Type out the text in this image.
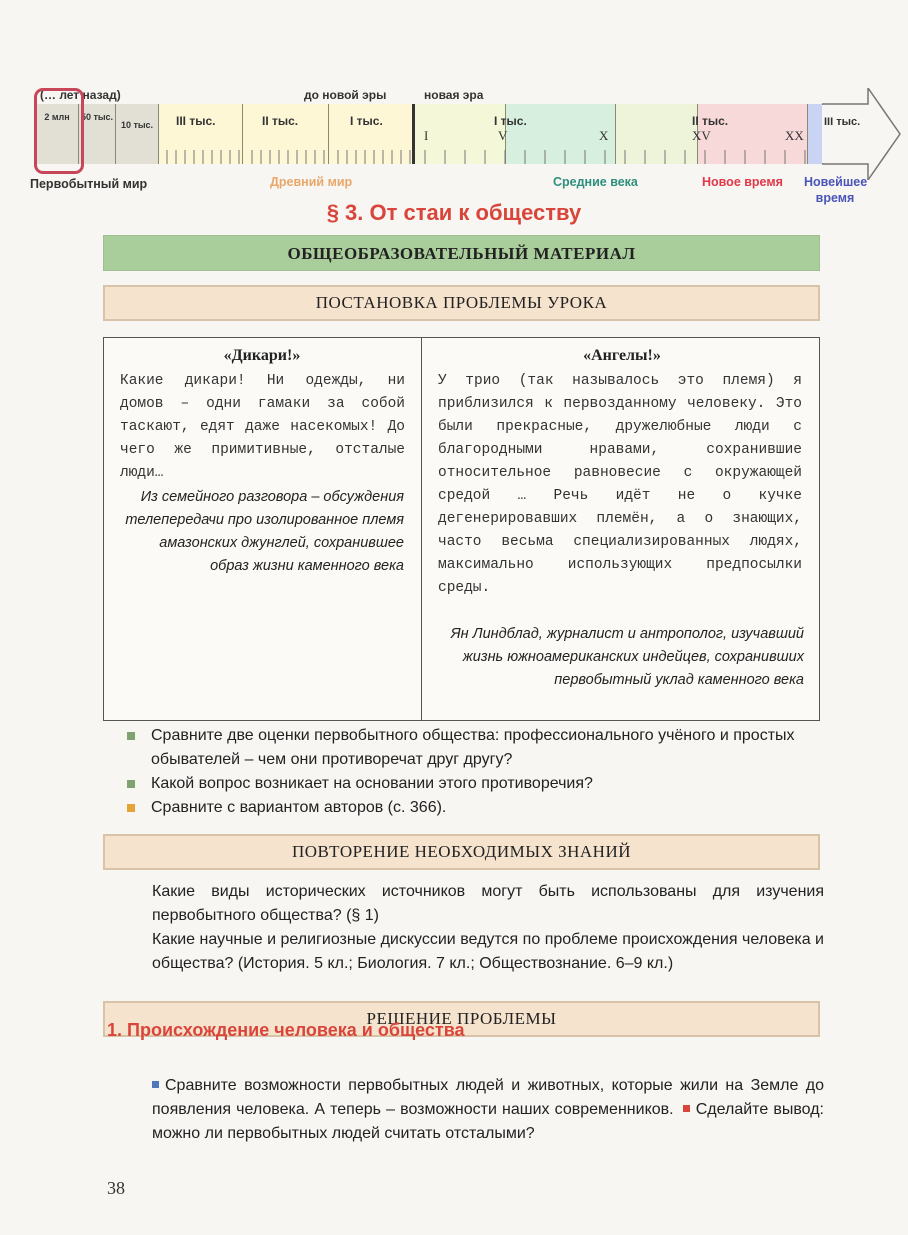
(… лет назад)	до новой эры	новая эра
2 млн	50 тыс.
10 тыс. III тыс.	II тыс.	I тыс.	I тыс.	II тыс.	III тыс.
I	V	X	XV	XX
Первобытный мир	Древний мир	Средние века	Новое время Новейшее время
§ 3. От стаи к обществу
ОБЩЕОБРАЗОВАТЕЛЬНЫЙ МАТЕРИАЛ
ПОСТАНОВКА ПРОБЛЕМЫ УРОКА
«Дикари!»
Какие дикари! Ни одежды, ни домов – одни гамаки за собой таскают, едят даже насекомых! До чего же примитивные, отсталые люди…
Из семейного разговора – обсуждения телепередачи про изолированное племя амазонских джунглей, сохранившее образ жизни каменного века
«Ангелы!»
У трио (так называлось это племя) я приблизился к первозданному человеку. Это были прекрасные, дружелюбные люди с благородными нравами, сохранившие относительное равновесие с окружающей средой … Речь идёт не о кучке дегенерировавших племён, а о знающих, часто весьма специализированных людях, максимально использующих предпосылки среды.
Ян Линдблад, журналист и антрополог, изучавший жизнь южноамериканских индейцев, сохранивших первобытный уклад каменного века
Сравните две оценки первобытного общества: профессионального учёного и простых обывателей – чем они противоречат друг другу?
Какой вопрос возникает на основании этого противоречия?
Сравните с вариантом авторов (с. 366).
ПОВТОРЕНИЕ НЕОБХОДИМЫХ ЗНАНИЙ
Какие виды исторических источников могут быть использованы для изучения первобытного общества? (§ 1)
Какие научные и религиозные дискуссии ведутся по проблеме происхождения человека и общества? (История. 5 кл.; Биология. 7 кл.; Обществознание. 6–9 кл.)
РЕШЕНИЕ ПРОБЛЕМЫ
1. Происхождение человека и общества
Сравните возможности первобытных людей и животных, которые жили на Земле до появления человека. А теперь – возможности наших современников. Сделайте вывод: можно ли первобытных людей считать отсталыми?
38
